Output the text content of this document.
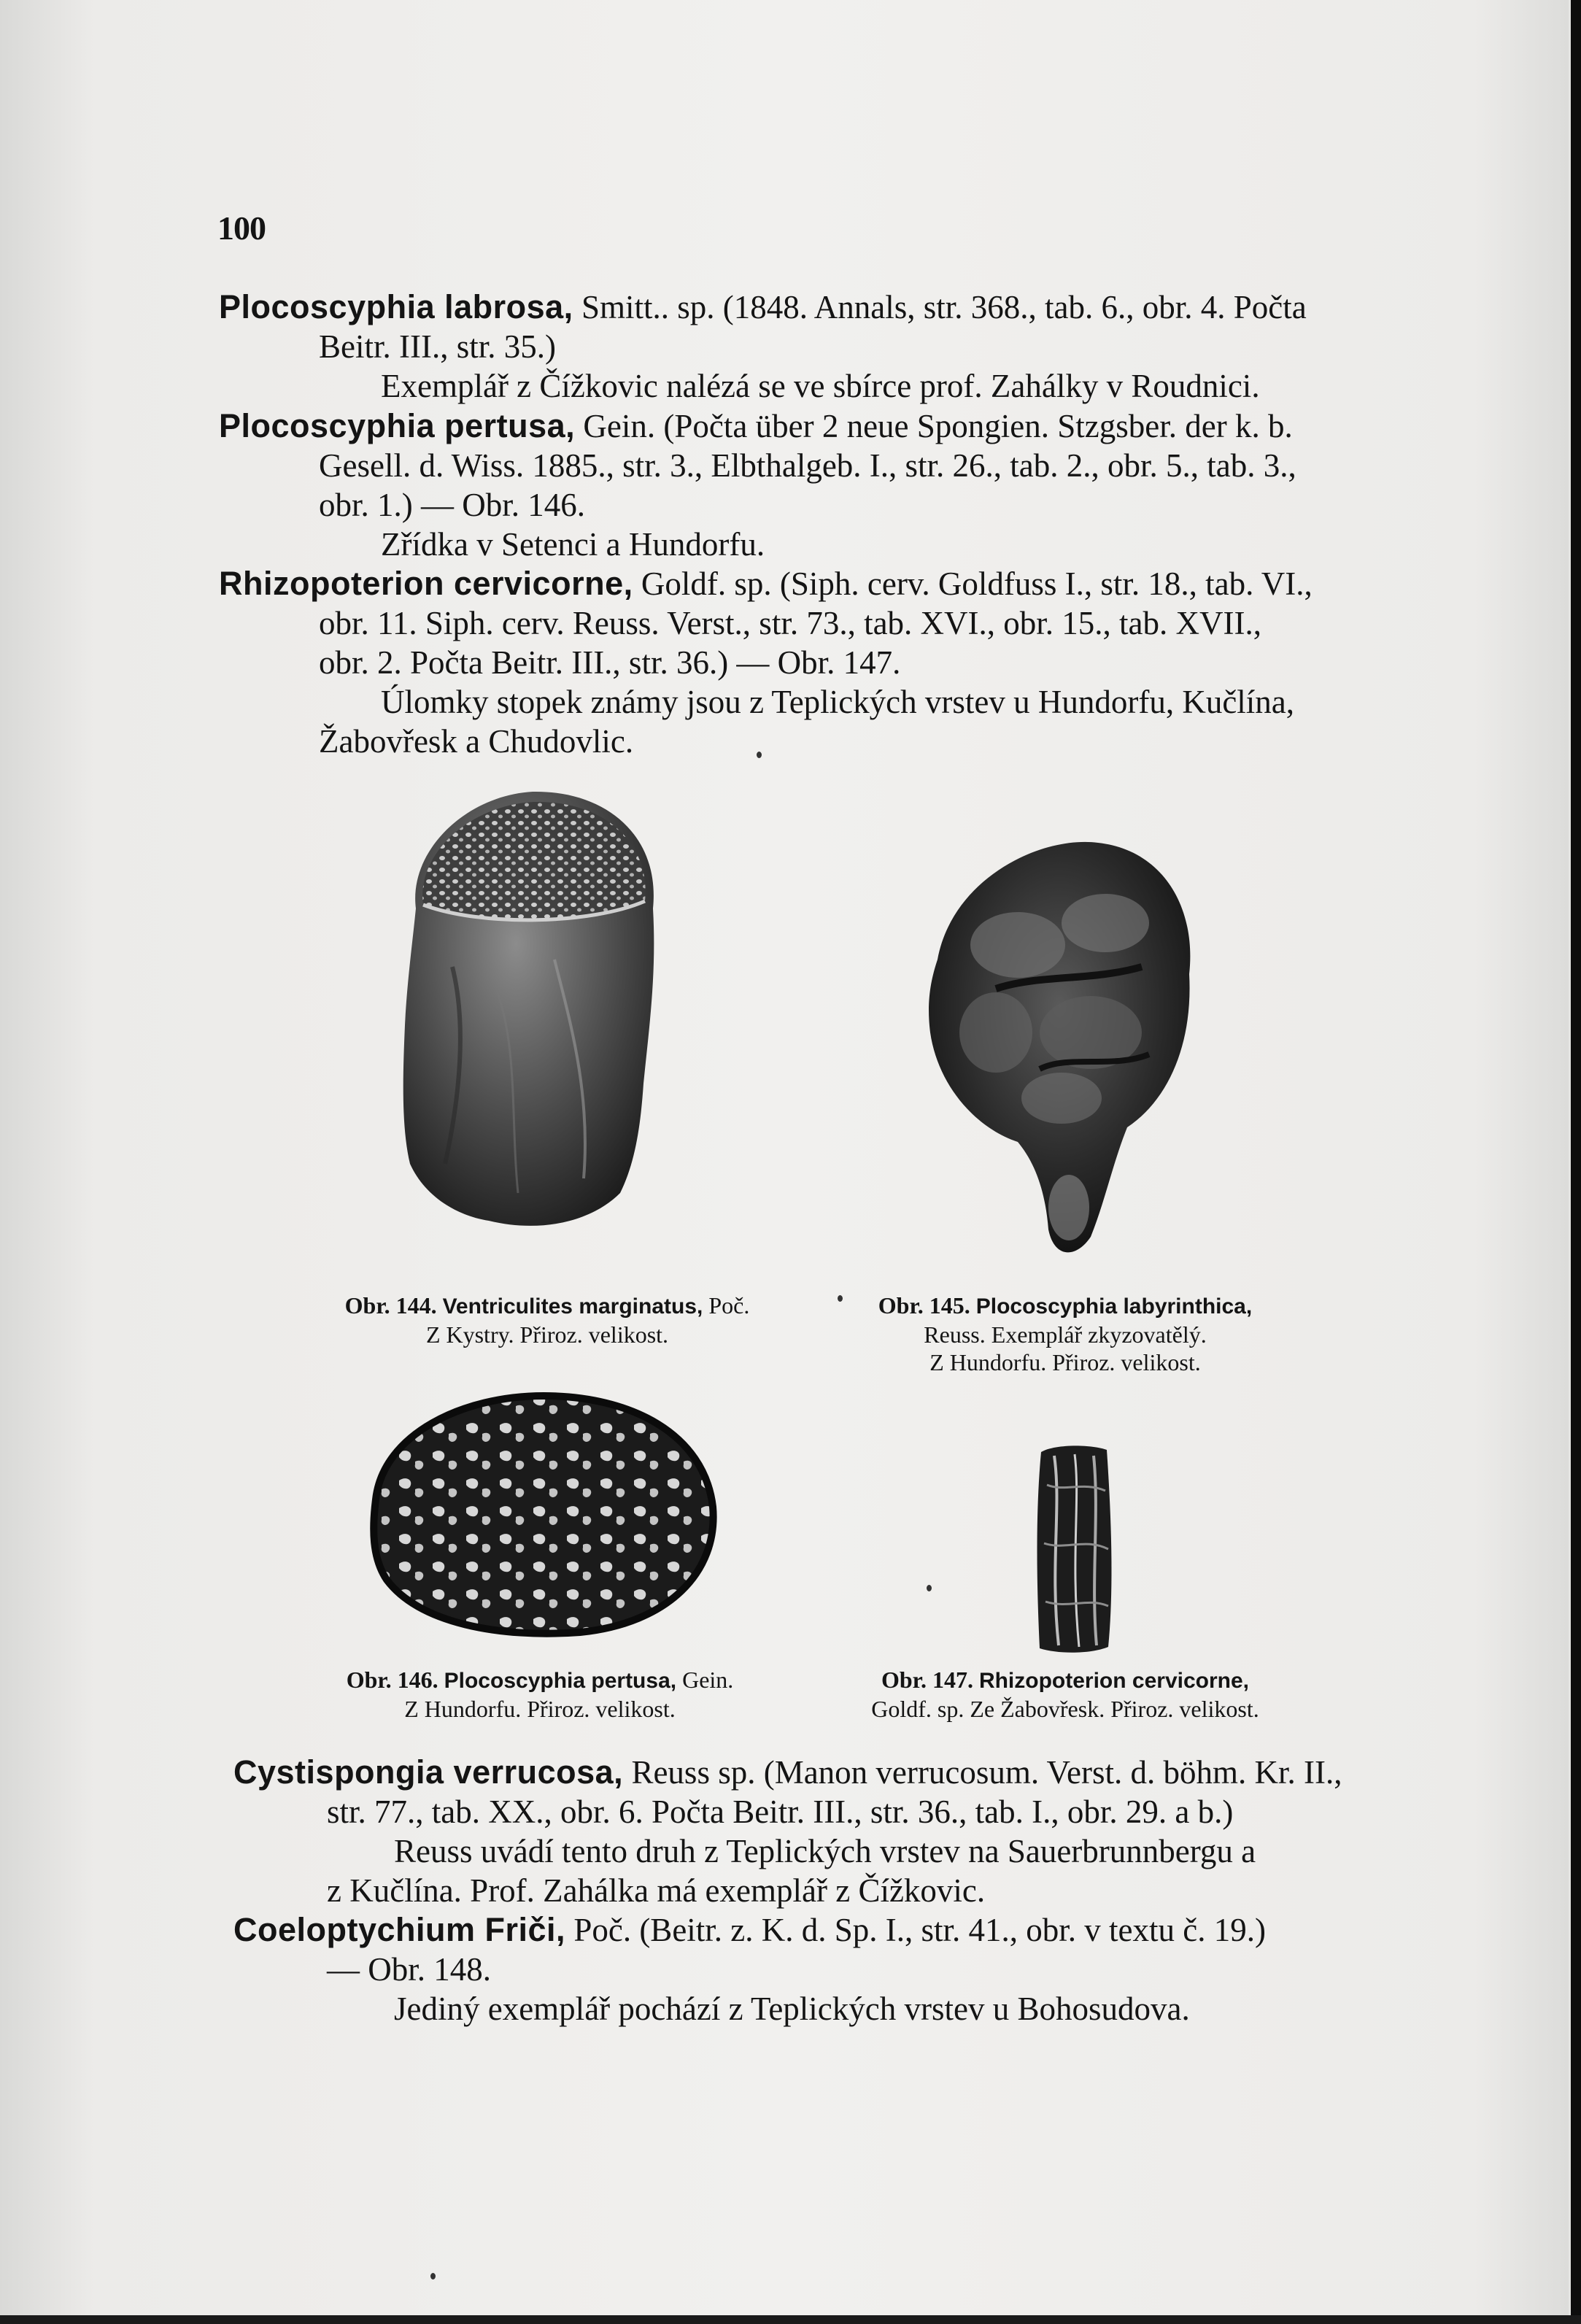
100
Plocoscyphia labrosa, Smitt.. sp. (1848. Annals, str. 368., tab. 6., obr. 4. Počta
Beitr. III., str. 35.)
Exemplář z Čížkovic nalézá se ve sbírce prof. Zahálky v Roudnici.
Plocoscyphia pertusa, Gein. (Počta über 2 neue Spongien. Stzgsber. der k. b.
Gesell. d. Wiss. 1885., str. 3., Elbthalgeb. I., str. 26., tab. 2., obr. 5., tab. 3.,
obr. 1.) — Obr. 146.
Zřídka v Setenci a Hundorfu.
Rhizopoterion cervicorne, Goldf. sp. (Siph. cerv. Goldfuss I., str. 18., tab. VI.,
obr. 11. Siph. cerv. Reuss. Verst., str. 73., tab. XVI., obr. 15., tab. XVII.,
obr. 2. Počta Beitr. III., str. 36.) — Obr. 147.
Úlomky stopek známy jsou z Teplických vrstev u Hundorfu, Kučlína,
Žabovřesk a Chudovlic.
Obr. 144. Ventriculites marginatus, Poč.
Z Kystry. Přiroz. velikost.
Obr. 145. Plocoscyphia labyrinthica,
Reuss. Exemplář zkyzovatělý.
Z Hundorfu. Přiroz. velikost.
Obr. 146. Plocoscyphia pertusa, Gein.
Z Hundorfu. Přiroz. velikost.
Obr. 147. Rhizopoterion cervicorne,
Goldf. sp. Ze Žabovřesk. Přiroz. velikost.
Cystispongia verrucosa, Reuss sp. (Manon verrucosum. Verst. d. böhm. Kr. II.,
str. 77., tab. XX., obr. 6. Počta Beitr. III., str. 36., tab. I., obr. 29. a b.)
Reuss uvádí tento druh z Teplických vrstev na Sauerbrunnbergu a
z Kučlína. Prof. Zahálka má exemplář z Čížkovic.
Coeloptychium Friči, Poč. (Beitr. z. K. d. Sp. I., str. 41., obr. v textu č. 19.)
— Obr. 148.
Jediný exemplář pochází z Teplických vrstev u Bohosudova.
